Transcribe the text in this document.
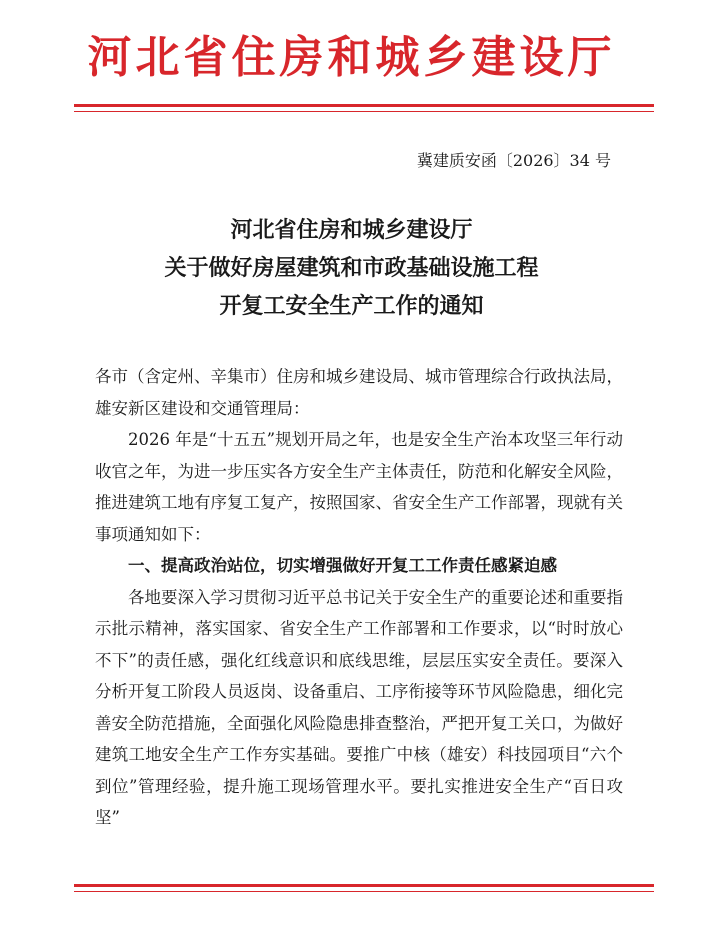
河北省住房和城乡建设厅
冀建质安函〔2026〕34 号
河北省住房和城乡建设厅
关于做好房屋建筑和市政基础设施工程
开复工安全生产工作的通知

各市（含定州、辛集市）住房和城乡建设局、城市管理综合行政执法局，雄安新区建设和交通管理局：

2026 年是“十五五”规划开局之年，也是安全生产治本攻坚三年行动收官之年，为进一步压实各方安全生产主体责任，防范和化解安全风险，推进建筑工地有序复工复产，按照国家、省安全生产工作部署，现就有关事项通知如下：

一、提高政治站位，切实增强做好开复工工作责任感紧迫感

各地要深入学习贯彻习近平总书记关于安全生产的重要论述和重要指示批示精神，落实国家、省安全生产工作部署和工作要求，以“时时放心不下”的责任感，强化红线意识和底线思维，层层压实安全责任。要深入分析开复工阶段人员返岗、设备重启、工序衔接等环节风险隐患，细化完善安全防范措施，全面强化风险隐患排查整治，严把开复工关口，为做好建筑工地安全生产工作夯实基础。要推广中核（雄安）科技园项目“六个到位”管理经验，提升施工现场管理水平。要扎实推进安全生产“百日攻坚”
